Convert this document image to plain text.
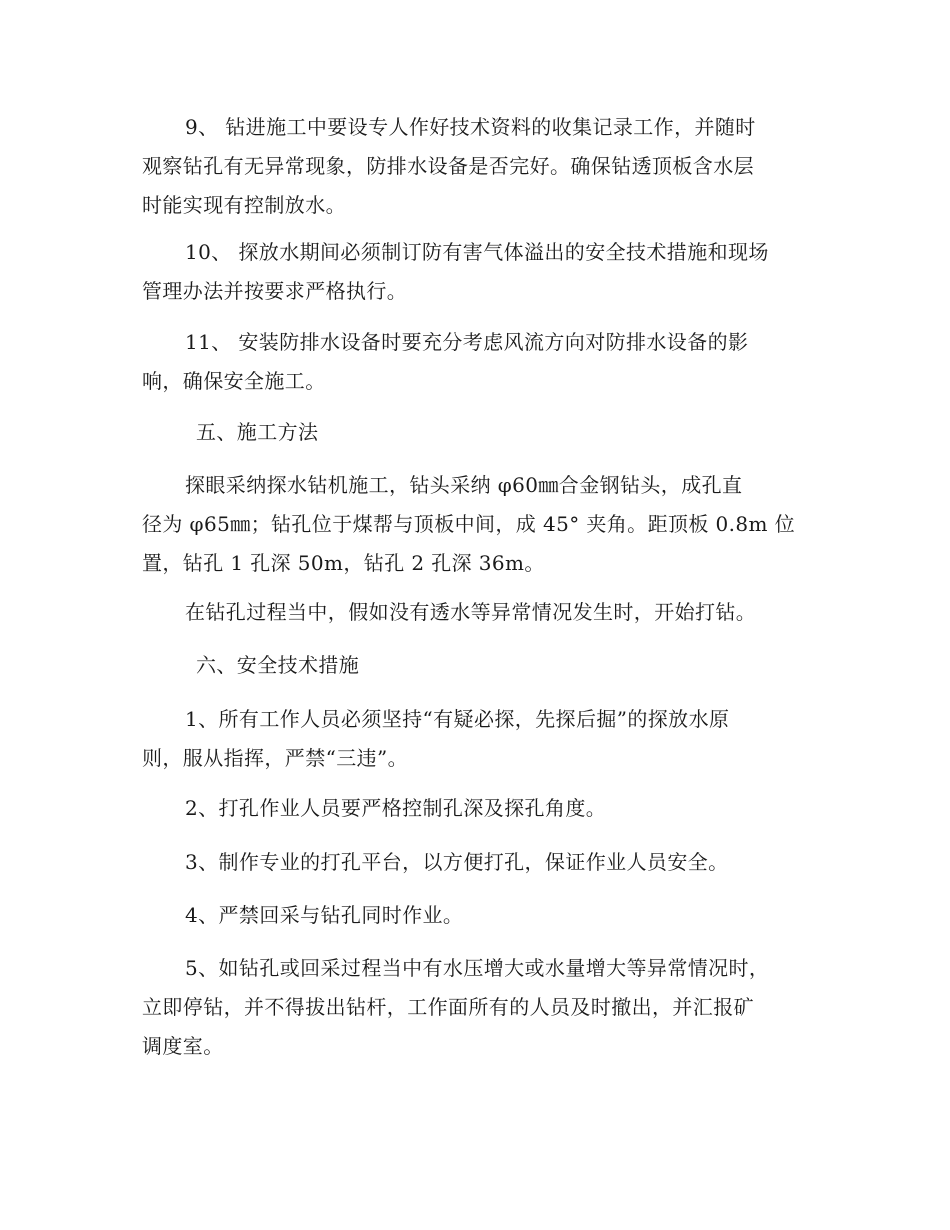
9、 钻进施工中要设专人作好技术资料的收集记录工作，并随时
观察钻孔有无异常现象，防排水设备是否完好。确保钻透顶板含水层
时能实现有控制放水。
10、 探放水期间必须制订防有害气体溢出的安全技术措施和现场
管理办法并按要求严格执行。
11、 安装防排水设备时要充分考虑风流方向对防排水设备的影
响，确保安全施工。
五、施工方法
探眼采纳探水钻机施工，钻头采纳 φ60㎜合金钢钻头，成孔直
径为 φ65㎜；钻孔位于煤帮与顶板中间，成 45° 夹角。距顶板 0.8m 位
置，钻孔 1 孔深 50m，钻孔 2 孔深 36m。
在钻孔过程当中，假如没有透水等异常情况发生时，开始打钻。
六、安全技术措施
1、所有工作人员必须坚持“有疑必探，先探后掘”的探放水原
则，服从指挥，严禁“三违”。
2、打孔作业人员要严格控制孔深及探孔角度。
3、制作专业的打孔平台，以方便打孔，保证作业人员安全。
4、严禁回采与钻孔同时作业。
5、如钻孔或回采过程当中有水压增大或水量增大等异常情况时，
立即停钻，并不得拔出钻杆，工作面所有的人员及时撤出，并汇报矿
调度室。
